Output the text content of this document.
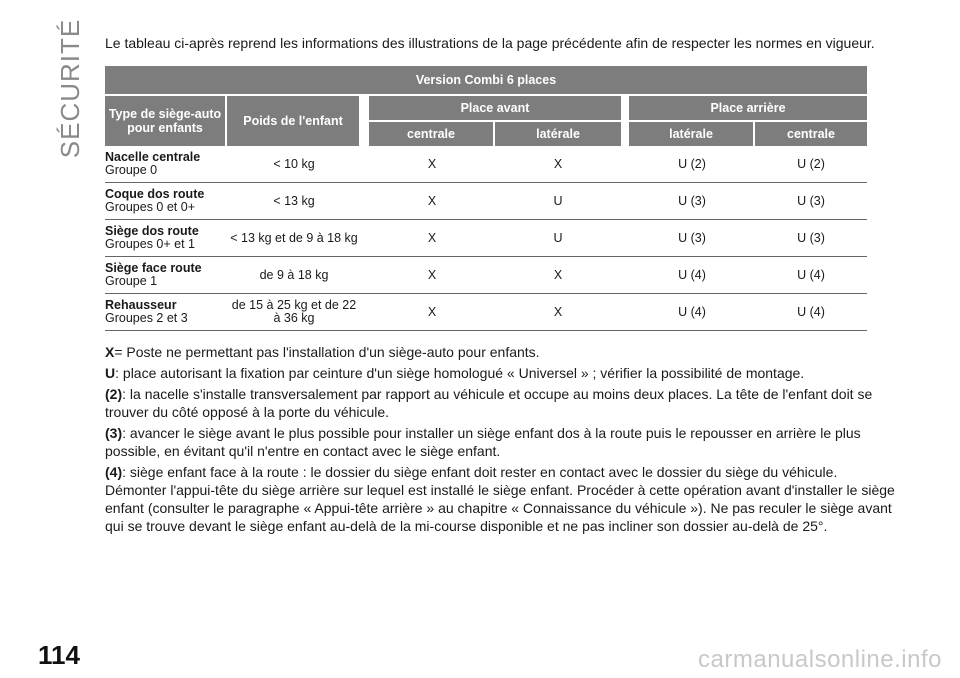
SÉCURITÉ Le tableau ci-après reprend les informations des illustrations de la page précédente afin de respecter les normes en vigueur.

Version Combi 6 places							
Type de siège-auto pour enfants	Poids de l'enfant		Place avant			Place arrière	
			centrale	latérale		latérale	centrale

Nacelle centrale
Groupe 0	< 10 kg		X	X		U (2)	U (2)

Coque dos route
Groupes 0 et 0+	< 13 kg		X	U		U (3)	U (3)

Siège dos route
Groupes 0+ et 1	< 13 kg et de 9 à 18 kg		X	U		U (3)	U (3)

Siège face route
Groupe 1	de 9 à 18 kg		X	X		U (4)	U (4)

Rehausseur
Groupes 2 et 3	de 15 à 25 kg et de 22 à 36 kg		X	X		U (4)	U (4)

X= Poste ne permettant pas l'installation d'un siège-auto pour enfants.

U: place autorisant la fixation par ceinture d'un siège homologué « Universel » ; vérifier la possibilité de montage.

(2): la nacelle s'installe transversalement par rapport au véhicule et occupe au moins deux places. La tête de l'enfant doit se trouver du côté opposé à la porte du véhicule.

(3): avancer le siège avant le plus possible pour installer un siège enfant dos à la route puis le repousser en arrière le plus possible, en évitant qu'il n'entre en contact avec le siège enfant.

(4): siège enfant face à la route : le dossier du siège enfant doit rester en contact avec le dossier du siège du véhicule. Démonter l'appui-tête du siège arrière sur lequel est installé le siège enfant. Procéder à cette opération avant d'installer le siège enfant (consulter le paragraphe « Appui-tête arrière » au chapitre « Connaissance du véhicule »). Ne pas reculer le siège avant qui se trouve devant le siège enfant au-delà de la mi-course disponible et ne pas incliner son dossier au-delà de 25°.

114	carmanualsonline.info
